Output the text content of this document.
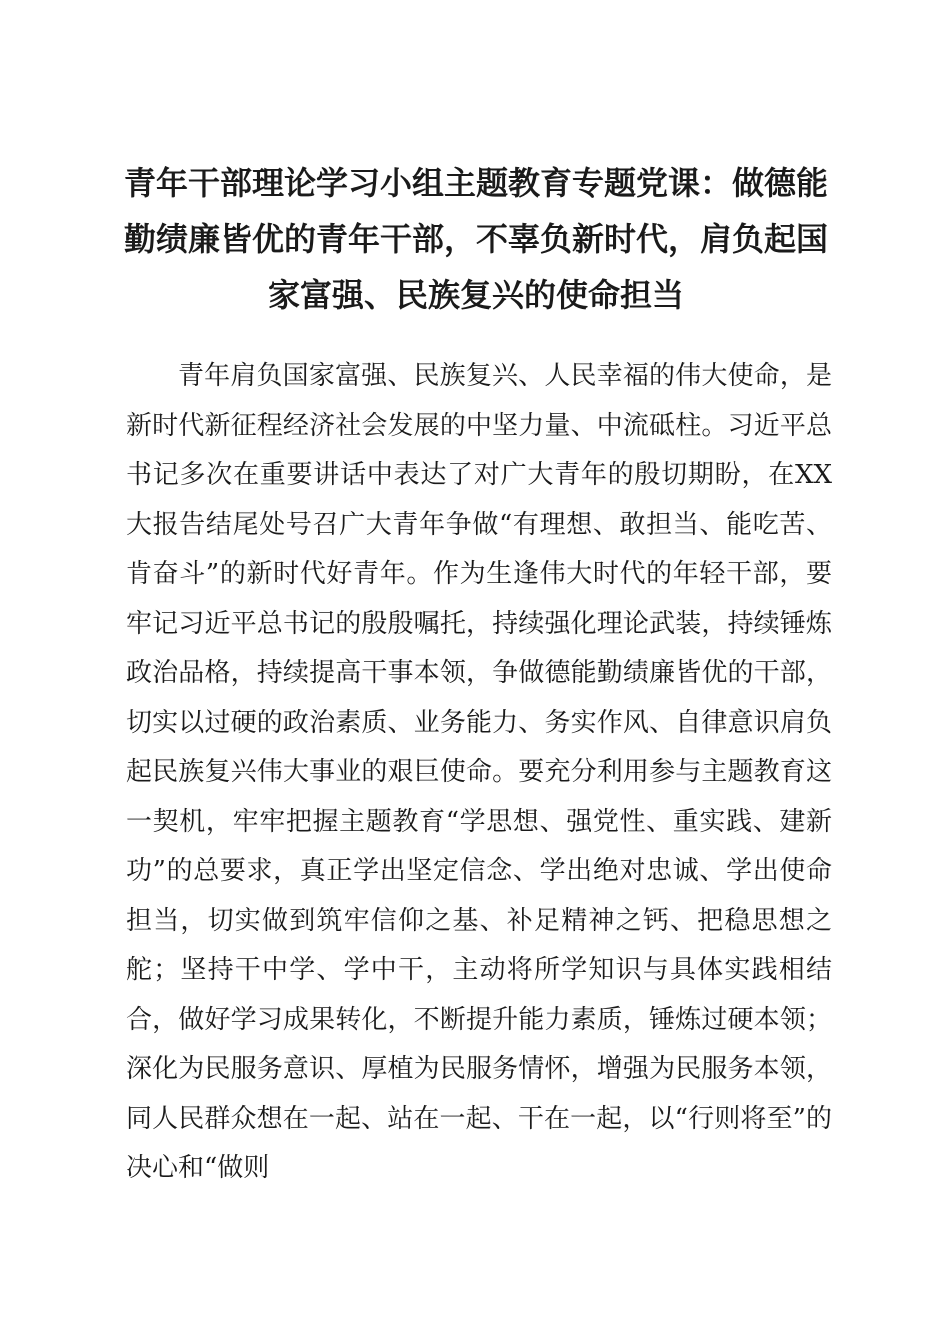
青年干部理论学习小组主题教育专题党课：做德能勤绩廉皆优的青年干部，不辜负新时代，肩负起国家富强、民族复兴的使命担当

青年肩负国家富强、民族复兴、人民幸福的伟大使命，是新时代新征程经济社会发展的中坚力量、中流砥柱。习近平总书记多次在重要讲话中表达了对广大青年的殷切期盼，在XX大报告结尾处号召广大青年争做“有理想、敢担当、能吃苦、肯奋斗”的新时代好青年。作为生逢伟大时代的年轻干部，要牢记习近平总书记的殷殷嘱托，持续强化理论武装，持续锤炼政治品格，持续提高干事本领，争做德能勤绩廉皆优的干部，切实以过硬的政治素质、业务能力、务实作风、自律意识肩负起民族复兴伟大事业的艰巨使命。要充分利用参与主题教育这一契机，牢牢把握主题教育“学思想、强党性、重实践、建新功”的总要求，真正学出坚定信念、学出绝对忠诚、学出使命担当，切实做到筑牢信仰之基、补足精神之钙、把稳思想之舵；坚持干中学、学中干，主动将所学知识与具体实践相结合，做好学习成果转化，不断提升能力素质，锤炼过硬本领；深化为民服务意识、厚植为民服务情怀，增强为民服务本领，同人民群众想在一起、站在一起、干在一起，以“行则将至”的决心和“做则
